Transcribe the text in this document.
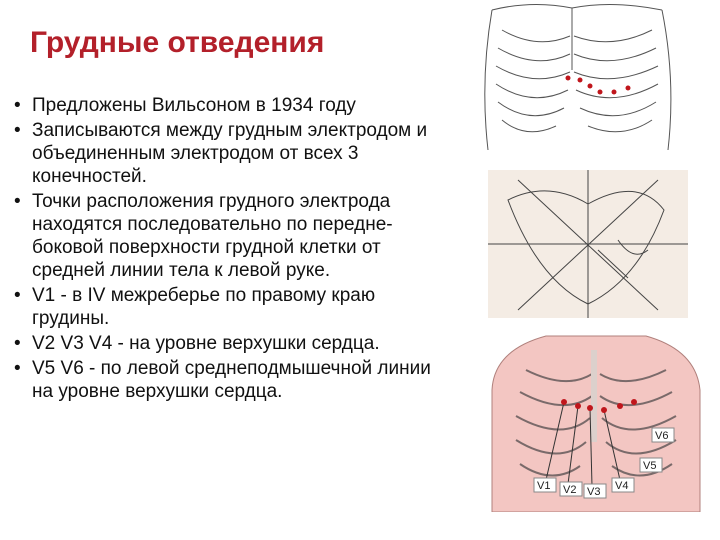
Грудные отведения
• Предложены Вильсоном в 1934 году
• Записываются между грудным электродом и объединенным электродом от всех 3 конечностей.
• Точки расположения грудного электрода находятся последовательно по передне-боковой поверхности грудной клетки от средней линии тела к левой руке.
• V1 - в IV межреберье по правому краю грудины.
• V2 V3 V4 - на уровне верхушки сердца.
• V5 V6 - по левой среднеподмышечной линии на уровне верхушки сердца.
V1 V2 V3 V4
V5
V6
